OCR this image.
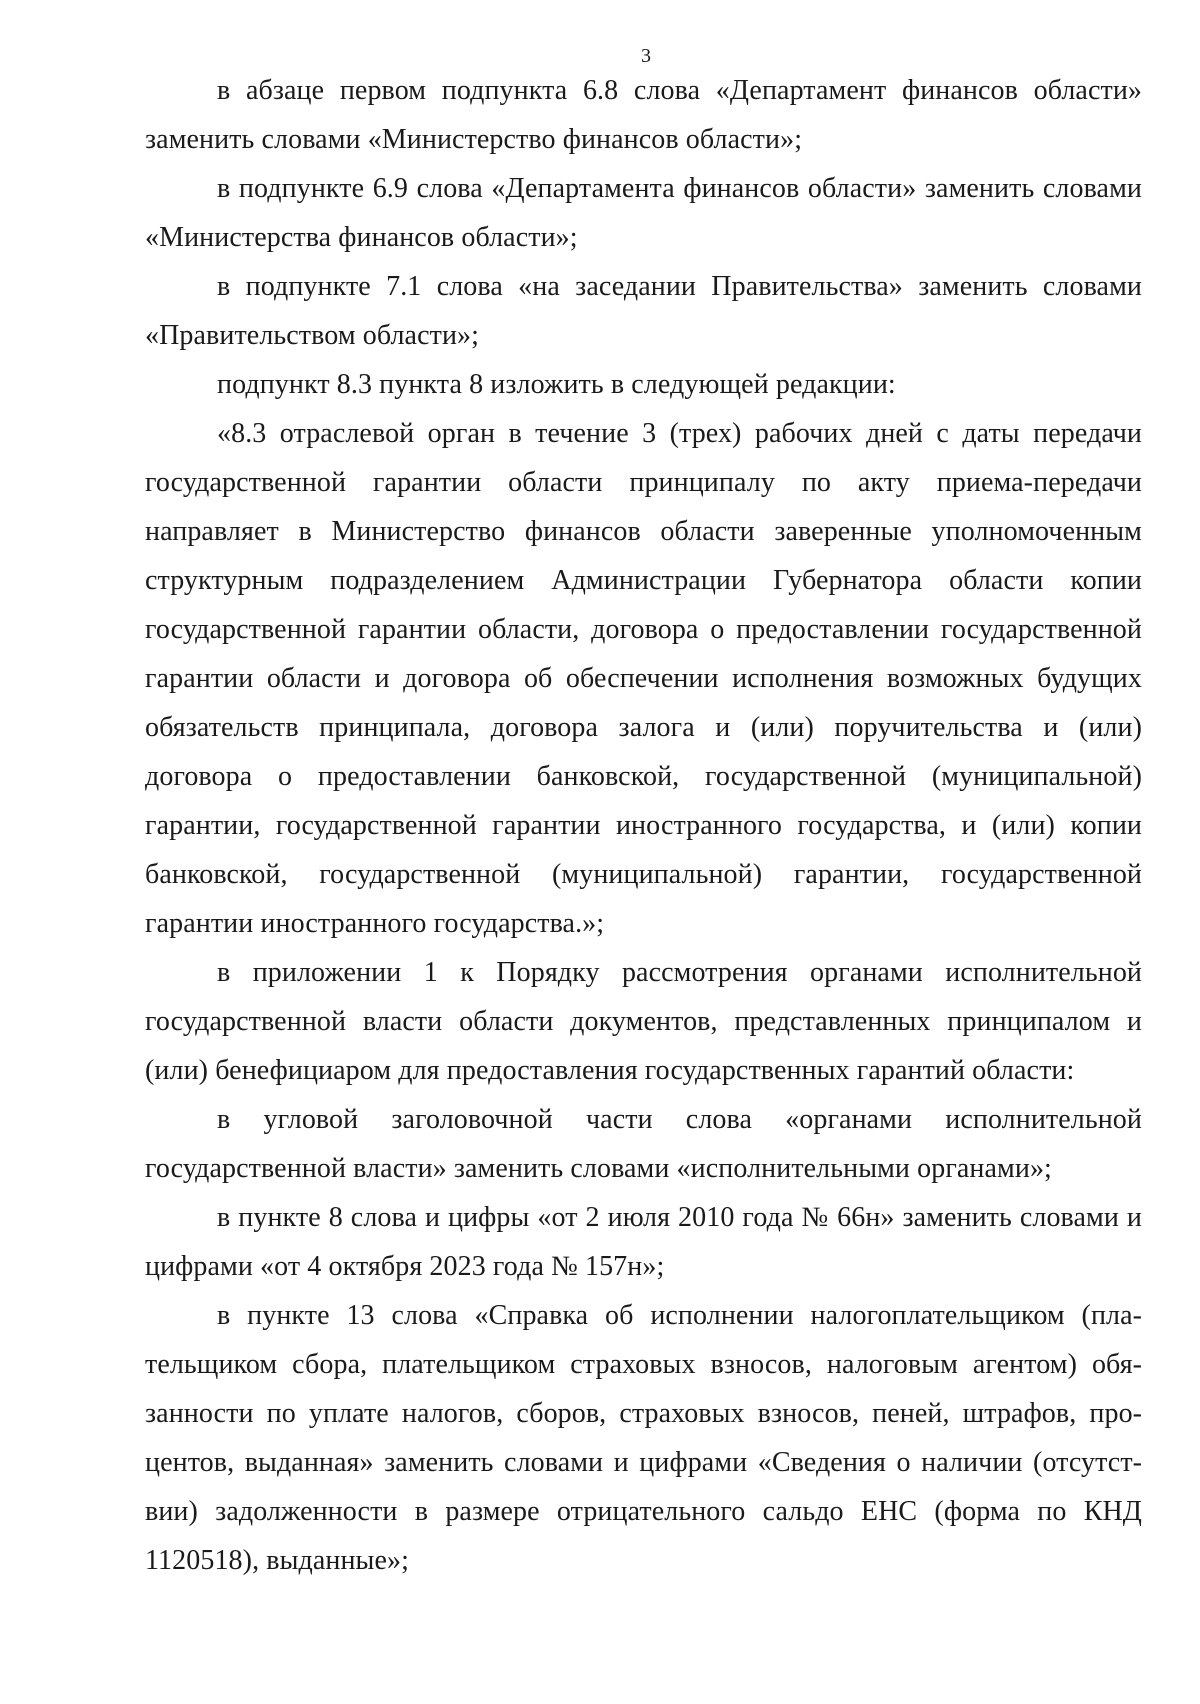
3

в абзаце первом подпункта 6.8 слова «Департамент финансов области» заменить словами «Министерство финансов области»;

в подпункте 6.9 слова «Департамента финансов области» заменить словами «Министерства финансов области»;

в подпункте 7.1 слова «на заседании Правительства» заменить словами «Правительством области»;

подпункт 8.3 пункта 8 изложить в следующей редакции:

«8.3 отраслевой орган в течение 3 (трех) рабочих дней с даты передачи государственной гарантии области принципалу по акту приема-передачи направляет в Министерство финансов области заверенные уполномоченным структурным подразделением Администрации Губернатора области копии государственной гарантии области, договора о предоставлении государственной гарантии области и договора об обеспечении исполнения возможных будущих обязательств принципала, договора залога и (или) поручительства и (или) договора о предоставлении банковской, государственной (муниципальной) гарантии, государственной гарантии иностранного государства, и (или) копии банковской, государственной (муниципальной) гарантии, государственной гарантии иностранного государства.»;

в приложении 1 к Порядку рассмотрения органами исполнительной государственной власти области документов, представленных принципалом и (или) бенефициаром для предоставления государственных гарантий области:

в угловой заголовочной части слова «органами исполнительной государственной власти» заменить словами «исполнительными органами»;

в пункте 8 слова и цифры «от 2 июля 2010 года № 66н» заменить словами и цифрами «от 4 октября 2023 года № 157н»;

в пункте 13 слова «Справка об исполнении налогоплательщиком (плательщиком сбора, плательщиком страховых взносов, налоговым агентом) обязанности по уплате налогов, сборов, страховых взносов, пеней, штрафов, процентов, выданная» заменить словами и цифрами «Сведения о наличии (отсутствии) задолженности в размере отрицательного сальдо ЕНС (форма по КНД 1120518), выданные»;
